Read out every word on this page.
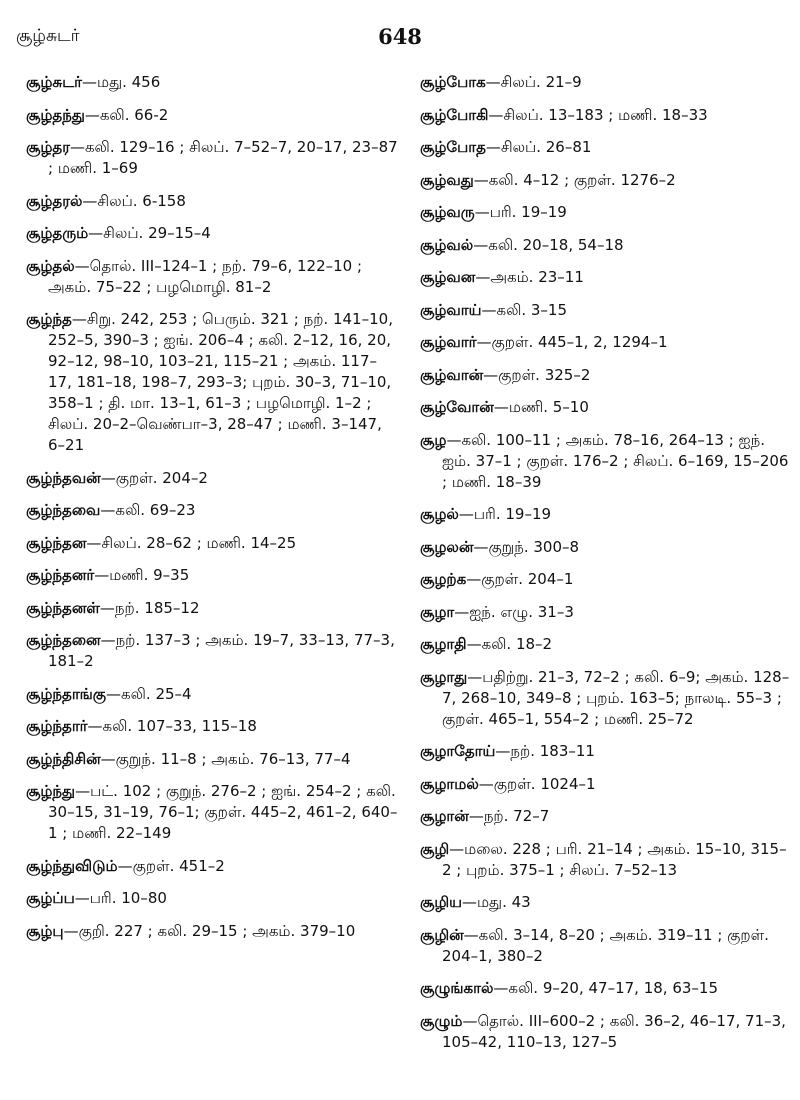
சூழ்சுடர்	648
சூழ்சுடர்—மது. 456
சூழ்தந்து—கலி. 66-2
சூழ்தர—கலி. 129–16 ; சிலப். 7–52–7, 20–17, 23–87 ; மணி. 1–69
சூழ்தரல்—சிலப். 6-158
சூழ்தரும்—சிலப். 29–15–4
சூழ்தல்—தொல். III–124–1 ; நற். 79–6, 122–10 ; அகம். 75–22 ; பழமொழி. 81–2
சூழ்ந்த—சிறு. 242, 253 ; பெரும். 321 ; நற். 141–10, 252–5, 390–3 ; ஐங். 206–4 ; கலி. 2–12, 16, 20, 92–12, 98–10, 103–21, 115–21 ; அகம். 117–17, 181–18, 198–7, 293–3; புறம். 30–3, 71–10, 358–1 ; தி. மா. 13–1, 61–3 ; பழமொழி. 1–2 ; சிலப். 20–2–வெண்பா–3, 28–47 ; மணி. 3–147, 6–21
சூழ்ந்தவன்—குறள். 204–2
சூழ்ந்தவை—கலி. 69–23
சூழ்ந்தன—சிலப். 28–62 ; மணி. 14–25
சூழ்ந்தனர்—மணி. 9–35
சூழ்ந்தனள்—நற். 185–12
சூழ்ந்தனை—நற். 137–3 ; அகம். 19–7, 33–13, 77–3, 181–2
சூழ்ந்தாங்கு—கலி. 25–4
சூழ்ந்தார்—கலி. 107–33, 115–18
சூழ்ந்திசின்—குறுந். 11–8 ; அகம். 76–13, 77–4
சூழ்ந்து—பட். 102 ; குறுந். 276–2 ; ஐங். 254–2 ; கலி. 30–15, 31–19, 76–1; குறள். 445–2, 461–2, 640–1 ; மணி. 22–149
சூழ்ந்துவிடும்—குறள். 451–2
சூழ்ப்ப—பரி. 10–80
சூழ்பு—குறி. 227 ; கலி. 29–15 ; அகம். 379–10
சூழ்போக—சிலப். 21–9
சூழ்போகி—சிலப். 13–183 ; மணி. 18–33
சூழ்போத—சிலப். 26–81
சூழ்வது—கலி. 4–12 ; குறள். 1276–2
சூழ்வரு—பரி. 19–19
சூழ்வல்—கலி. 20–18, 54–18
சூழ்வன—அகம். 23–11
சூழ்வாய்—கலி. 3–15
சூழ்வார்—குறள். 445–1, 2, 1294–1
சூழ்வான்—குறள். 325–2
சூழ்வோன்—மணி. 5–10
சூழ—கலி. 100–11 ; அகம். 78–16, 264–13 ; ஐந். ஐம். 37–1 ; குறள். 176–2 ; சிலப். 6–169, 15–206 ; மணி. 18–39
சூழல்—பரி. 19–19
சூழலன்—குறுந். 300–8
சூழற்க—குறள். 204–1
சூழா—ஐந். எழு. 31–3
சூழாதி—கலி. 18–2
சூழாது—பதிற்று. 21–3, 72–2 ; கலி. 6–9; அகம். 128–7, 268–10, 349–8 ; புறம். 163–5; நாலடி. 55–3 ; குறள். 465–1, 554–2 ; மணி. 25–72
சூழாதோய்—நற். 183–11
சூழாமல்—குறள். 1024–1
சூழான்—நற். 72–7
சூழி—மலை. 228 ; பரி. 21–14 ; அகம். 15–10, 315–2 ; புறம். 375–1 ; சிலப். 7–52–13
சூழிய—மது. 43
சூழின்—கலி. 3–14, 8–20 ; அகம். 319–11 ; குறள். 204–1, 380–2
சூழுங்கால்—கலி. 9–20, 47–17, 18, 63–15
சூழும்—தொல். III–600–2 ; கலி. 36–2, 46–17, 71–3, 105–42, 110–13, 127–5
